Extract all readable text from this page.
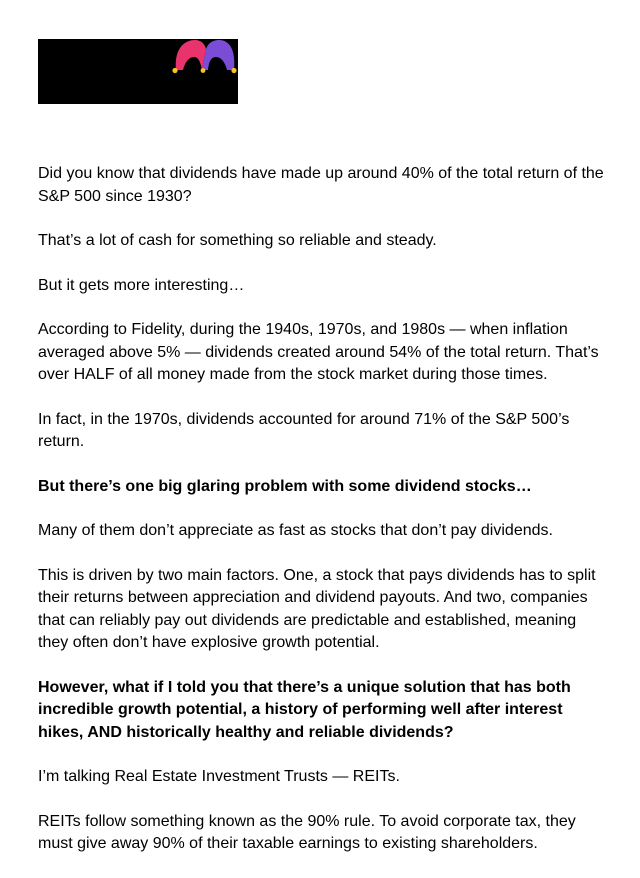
Did you know that dividends have made up around 40% of the total return of the S&P 500 since 1930?

That’s a lot of cash for something so reliable and steady.

But it gets more interesting…

According to Fidelity, during the 1940s, 1970s, and 1980s — when inflation averaged above 5% — dividends created around 54% of the total return. That’s over HALF of all money made from the stock market during those times.

In fact, in the 1970s, dividends accounted for around 71% of the S&P 500’s return.

But there’s one big glaring problem with some dividend stocks…

Many of them don’t appreciate as fast as stocks that don’t pay dividends.

This is driven by two main factors. One, a stock that pays dividends has to split their returns between appreciation and dividend payouts. And two, companies that can reliably pay out dividends are predictable and established, meaning they often don’t have explosive growth potential.

However, what if I told you that there’s a unique solution that has both incredible growth potential, a history of performing well after interest hikes, AND historically healthy and reliable dividends?

I’m talking Real Estate Investment Trusts — REITs.

REITs follow something known as the 90% rule. To avoid corporate tax, they must give away 90% of their taxable earnings to existing shareholders.
